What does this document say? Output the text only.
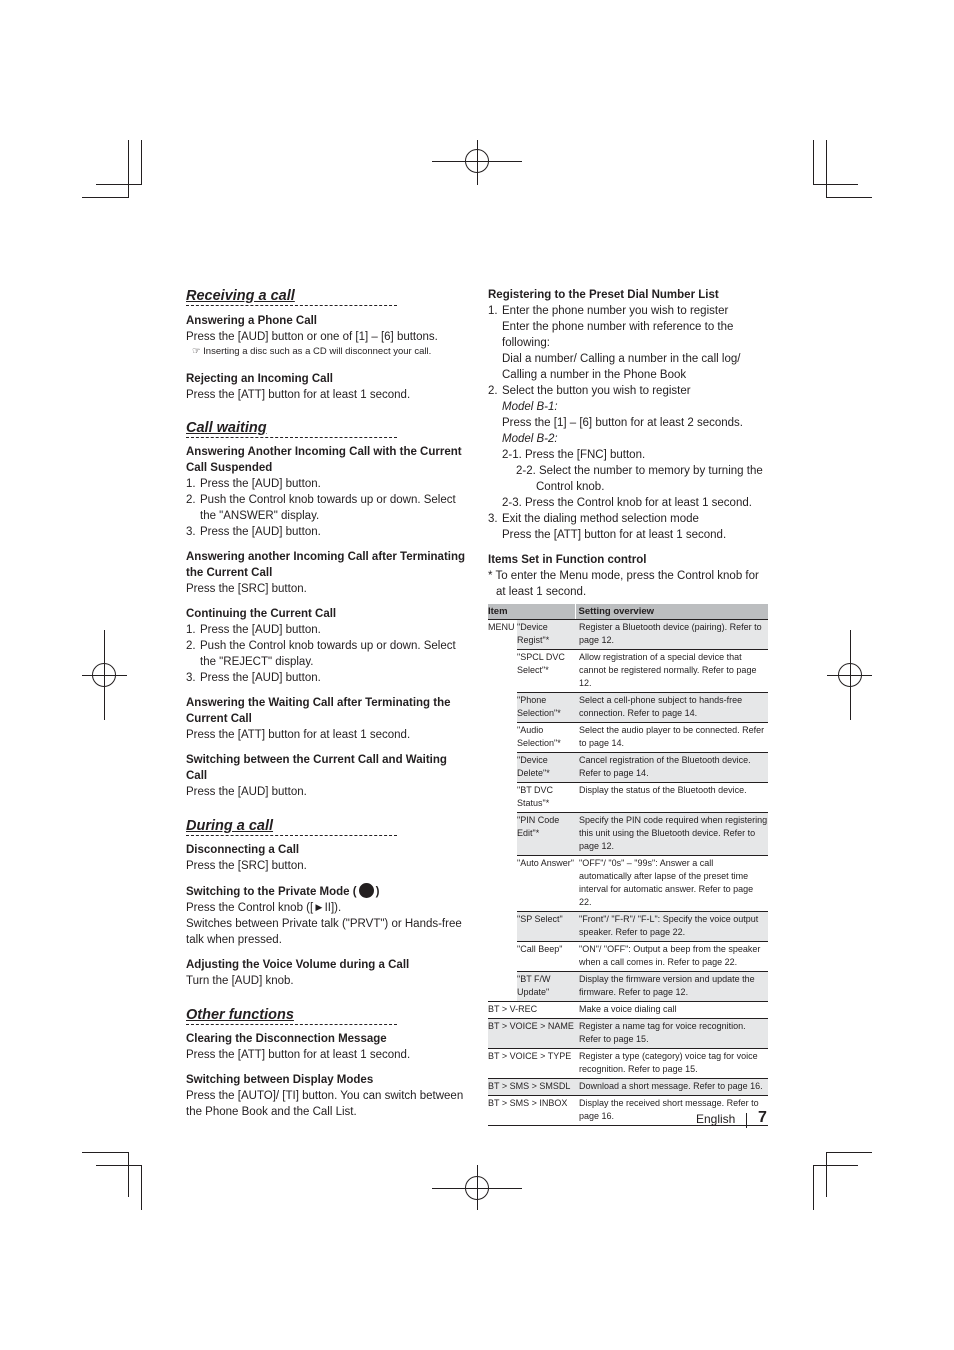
Receiving a call
Answering a Phone Call
Press the [AUD] button or one of [1] – [6] buttons.
☞ Inserting a disc such as a CD will disconnect your call.
Rejecting an Incoming Call
Press the [ATT] button for at least 1 second.
Call waiting
Answering Another Incoming Call with the Current Call Suspended
1. Press the [AUD] button.
2. Push the Control knob towards up or down. Select the "ANSWER" display.
3. Press the [AUD] button.
Answering another Incoming Call after Terminating the Current Call
Press the [SRC] button.
Continuing the Current Call
1. Press the [AUD] button.
2. Push the Control knob towards up or down. Select the "REJECT" display.
3. Press the [AUD] button.
Answering the Waiting Call after Terminating the Current Call
Press the [ATT] button for at least 1 second.
Switching between the Current Call and Waiting Call
Press the [AUD] button.
During a call
Disconnecting a Call
Press the [SRC] button.
Switching to the Private Mode ( )
Press the Control knob ([►II]).
Switches between Private talk ("PRVT") or Hands-free talk when pressed.
Adjusting the Voice Volume during a Call
Turn the [AUD] knob.
Other functions
Clearing the Disconnection Message
Press the [ATT] button for at least 1 second.
Switching between Display Modes
Press the [AUTO]/ [TI] button. You can switch between the Phone Book and the Call List.
Registering to the Preset Dial Number List
1. Enter the phone number you wish to register
Enter the phone number with reference to the following:
Dial a number/ Calling a number in the call log/ Calling a number in the Phone Book
2. Select the button you wish to register
Model B-1:
Press the [1] – [6] button for at least 2 seconds.
Model B-2:
2-1. Press the [FNC] button.
2-2. Select the number to memory by turning the Control knob.
2-3. Press the Control knob for at least 1 second.
3. Exit the dialing method selection mode
Press the [ATT] button for at least 1 second.
Items Set in Function control
* To enter the Menu mode, press the Control knob for at least 1 second.
Item		Setting overview
MENU	"Device Regist"*	Register a Bluetooth device (pairing). Refer to page 12.
	"SPCL DVC Select"*	Allow registration of a special device that cannot be registered normally. Refer to page 12.
	"Phone Selection"*	Select a cell-phone subject to hands-free connection. Refer to page 14.
	"Audio Selection"*	Select the audio player to be connected. Refer to page 14.
	"Device Delete"*	Cancel registration of the Bluetooth device. Refer to page 14.
	"BT DVC Status"*	Display the status of the Bluetooth device.
	"PIN Code Edit"*	Specify the PIN code required when registering this unit using the Bluetooth device. Refer to page 12.
	"Auto Answer"	"OFF"/ "0s" – "99s": Answer a call automatically after lapse of the preset time interval for automatic answer. Refer to page 22.
	"SP Select"	"Front"/ "F-R"/ "F-L": Specify the voice output speaker. Refer to page 22.
	"Call Beep"	"ON"/ "OFF": Output a beep from the speaker when a call comes in. Refer to page 22.
	"BT F/W Update"	Display the firmware version and update the firmware. Refer to page 12.
BT > V-REC		Make a voice dialing call
BT > VOICE > NAME		Register a name tag for voice recognition. Refer to page 15.
BT > VOICE > TYPE		Register a type (category) voice tag for voice recognition. Refer to page 15.
BT > SMS > SMSDL		Download a short message. Refer to page 16.
BT > SMS > INBOX		Display the received short message. Refer to page 16.	English 7
